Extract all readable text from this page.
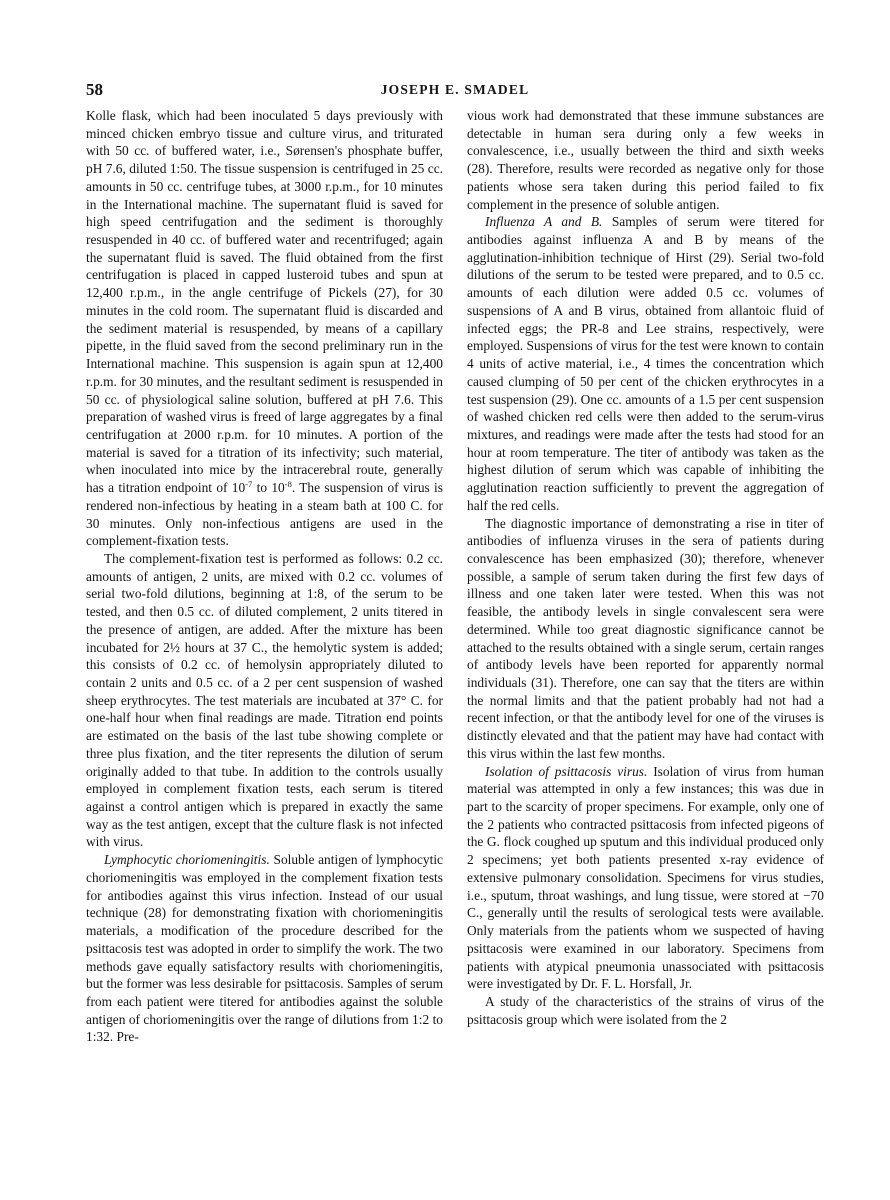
58	JOSEPH E. SMADEL

Kolle flask, which had been inoculated 5 days previously with minced chicken embryo tissue and culture virus, and triturated with 50 cc. of buffered water, i.e., Sørensen's phosphate buffer, pH 7.6, diluted 1:50. The tissue suspension is centrifuged in 25 cc. amounts in 50 cc. centrifuge tubes, at 3000 r.p.m., for 10 minutes in the International machine. The supernatant fluid is saved for high speed centrifugation and the sediment is thoroughly resuspended in 40 cc. of buffered water and recentrifuged; again the supernatant fluid is saved. The fluid obtained from the first centrifugation is placed in capped lusteroid tubes and spun at 12,400 r.p.m., in the angle centrifuge of Pickels (27), for 30 minutes in the cold room. The supernatant fluid is discarded and the sediment material is resuspended, by means of a capillary pipette, in the fluid saved from the second preliminary run in the International machine. This suspension is again spun at 12,400 r.p.m. for 30 minutes, and the resultant sediment is resuspended in 50 cc. of physiological saline solution, buffered at pH 7.6. This preparation of washed virus is freed of large aggregates by a final centrifugation at 2000 r.p.m. for 10 minutes. A portion of the material is saved for a titration of its infectivity; such material, when inoculated into mice by the intracerebral route, generally has a titration endpoint of $10^{-7}$ to $10^{-8}$. The suspension of virus is rendered non-infectious by heating in a steam bath at 100 C. for 30 minutes. Only non-infectious antigens are used in the complement-fixation tests.

The complement-fixation test is performed as follows: 0.2 cc. amounts of antigen, 2 units, are mixed with 0.2 cc. volumes of serial two-fold dilutions, beginning at 1:8, of the serum to be tested, and then 0.5 cc. of diluted complement, 2 units titered in the presence of antigen, are added. After the mixture has been incubated for 2½ hours at 37 C., the hemolytic system is added; this consists of 0.2 cc. of hemolysin appropriately diluted to contain 2 units and 0.5 cc. of a 2 per cent suspension of washed sheep erythrocytes. The test materials are incubated at 37° C. for one-half hour when final readings are made. Titration end points are estimated on the basis of the last tube showing complete or three plus fixation, and the titer represents the dilution of serum originally added to that tube. In addition to the controls usually employed in complement fixation tests, each serum is titered against a control antigen which is prepared in exactly the same way as the test antigen, except that the culture flask is not infected with virus.

Lymphocytic choriomeningitis. Soluble antigen of lymphocytic choriomeningitis was employed in the complement fixation tests for antibodies against this virus infection. Instead of our usual technique (28) for demonstrating fixation with choriomeningitis materials, a modification of the procedure described for the psittacosis test was adopted in order to simplify the work. The two methods gave equally satisfactory results with choriomeningitis, but the former was less desirable for psittacosis. Samples of serum from each patient were titered for antibodies against the soluble antigen of choriomeningitis over the range of dilutions from 1:2 to 1:32. Pre-

vious work had demonstrated that these immune substances are detectable in human sera during only a few weeks in convalescence, i.e., usually between the third and sixth weeks (28). Therefore, results were recorded as negative only for those patients whose sera taken during this period failed to fix complement in the presence of soluble antigen.

Influenza A and B. Samples of serum were titered for antibodies against influenza A and B by means of the agglutination-inhibition technique of Hirst (29). Serial two-fold dilutions of the serum to be tested were prepared, and to 0.5 cc. amounts of each dilution were added 0.5 cc. volumes of suspensions of A and B virus, obtained from allantoic fluid of infected eggs; the PR-8 and Lee strains, respectively, were employed. Suspensions of virus for the test were known to contain 4 units of active material, i.e., 4 times the concentration which caused clumping of 50 per cent of the chicken erythrocytes in a test suspension (29). One cc. amounts of a 1.5 per cent suspension of washed chicken red cells were then added to the serum-virus mixtures, and readings were made after the tests had stood for an hour at room temperature. The titer of antibody was taken as the highest dilution of serum which was capable of inhibiting the agglutination reaction sufficiently to prevent the aggregation of half the red cells.

The diagnostic importance of demonstrating a rise in titer of antibodies of influenza viruses in the sera of patients during convalescence has been emphasized (30); therefore, whenever possible, a sample of serum taken during the first few days of illness and one taken later were tested. When this was not feasible, the antibody levels in single convalescent sera were determined. While too great diagnostic significance cannot be attached to the results obtained with a single serum, certain ranges of antibody levels have been reported for apparently normal individuals (31). Therefore, one can say that the titers are within the normal limits and that the patient probably had not had a recent infection, or that the antibody level for one of the viruses is distinctly elevated and that the patient may have had contact with this virus within the last few months.

Isolation of psittacosis virus. Isolation of virus from human material was attempted in only a few instances; this was due in part to the scarcity of proper specimens. For example, only one of the 2 patients who contracted psittacosis from infected pigeons of the G. flock coughed up sputum and this individual produced only 2 specimens; yet both patients presented x-ray evidence of extensive pulmonary consolidation. Specimens for virus studies, i.e., sputum, throat washings, and lung tissue, were stored at −70 C., generally until the results of serological tests were available. Only materials from the patients whom we suspected of having psittacosis were examined in our laboratory. Specimens from patients with atypical pneumonia unassociated with psittacosis were investigated by Dr. F. L. Horsfall, Jr.

A study of the characteristics of the strains of virus of the psittacosis group which were isolated from the 2
